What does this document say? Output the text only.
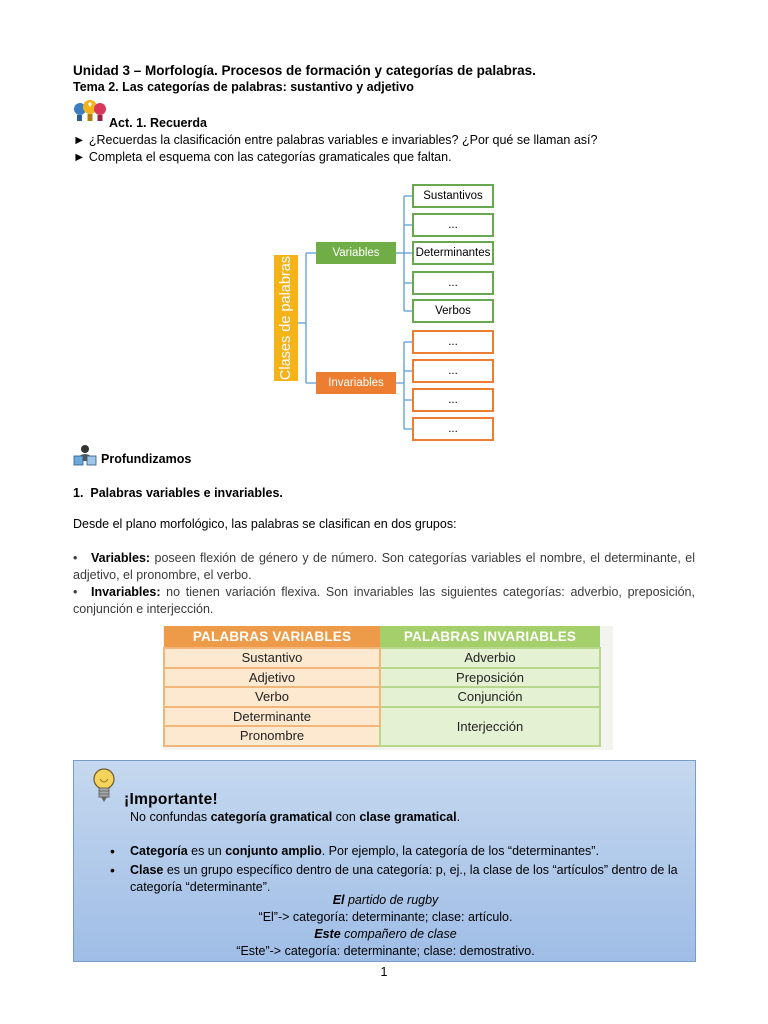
Unidad 3 – Morfología. Procesos de formación y categorías de palabras.
Tema 2. Las categorías de palabras: sustantivo y adjetivo
Act. 1. Recuerda
► ¿Recuerdas la clasificación entre palabras variables e invariables? ¿Por qué se llaman así?
► Completa el esquema con las categorías gramaticales que faltan.
Clases de palabras
Variables
Invariables
Sustantivos
...
Determinantes
...
Verbos
...
...
...
...
Profundizamos
1. Palabras variables e invariables.
Desde el plano morfológico, las palabras se clasifican en dos grupos:
• Variables: poseen flexión de género y de número. Son categorías variables el nombre, el determinante, el adjetivo, el pronombre, el verbo.
• Invariables: no tienen variación flexiva. Son invariables las siguientes categorías: adverbio, preposición, conjunción e interjección.
PALABRAS VARIABLES	PALABRAS INVARIABLES
Sustantivo	Adverbio
Adjetivo	Preposición
Verbo	Conjunción
Determinante	Interjección
Pronombre	
¡Importante!
No confundas categoría gramatical con clase gramatical.
• Categoría es un conjunto amplio. Por ejemplo, la categoría de los “determinantes”.
• Clase es un grupo específico dentro de una categoría: p, ej., la clase de los “artículos” dentro de la categoría “determinante”.
El partido de rugby
“El”-> categoría: determinante; clase: artículo.
Este compañero de clase
“Este”-> categoría: determinante; clase: demostrativo.
1
